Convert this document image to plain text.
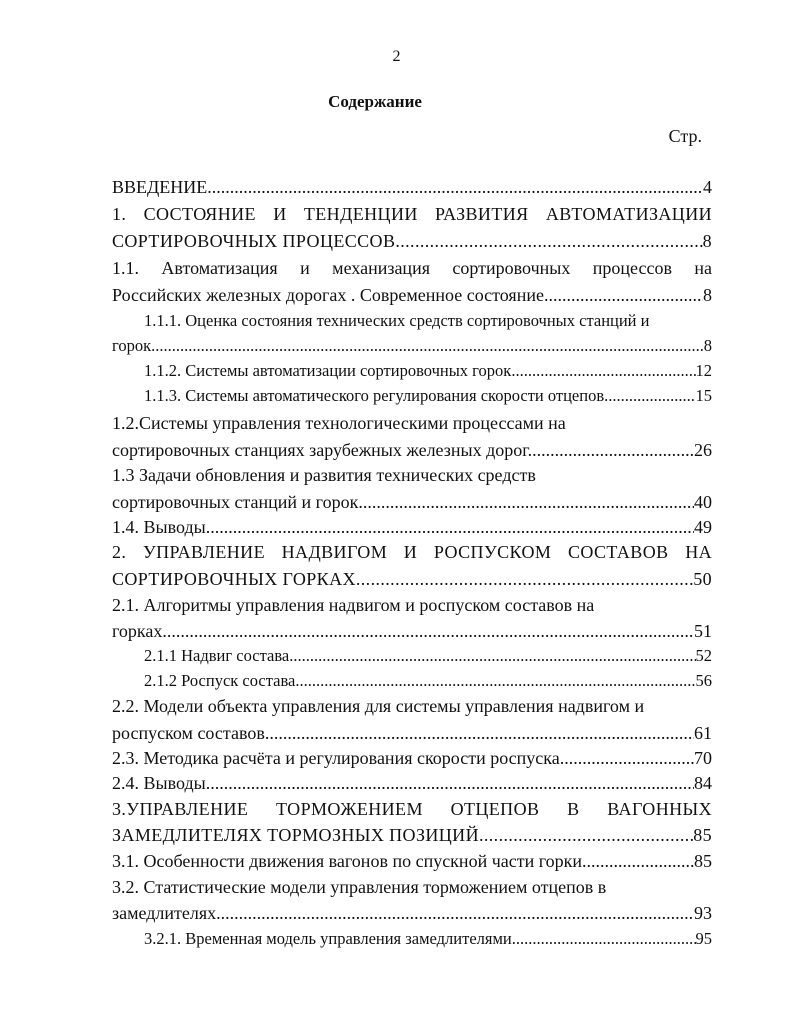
2
Содержание
Стр.
ВВЕДЕНИЕ .....	4
1. СОСТОЯНИЕ И ТЕНДЕНЦИИ РАЗВИТИЯ АВТОМАТИЗАЦИИ
СОРТИРОВОЧНЫХ ПРОЦЕССОВ .....	8
1.1. Автоматизация и механизация сортировочных процессов на
Российских железных дорогах . Современное состояние .....	8
1.1.1. Оценка состояния технических средств сортировочных станций и
горок .....	8
1.1.2. Системы автоматизации сортировочных горок .....	12
1.1.3. Системы автоматического регулирования скорости отцепов .....	15
1.2.Системы управления технологическими процессами на
сортировочных станциях зарубежных железных дорог. .....	26
1.3 Задачи обновления и развития технических средств
сортировочных станций и горок. .....	40
1.4. Выводы. .....	49
2. УПРАВЛЕНИЕ НАДВИГОМ И РОСПУСКОМ СОСТАВОВ НА
СОРТИРОВОЧНЫХ ГОРКАХ. .....	50
2.1. Алгоритмы управления надвигом и роспуском составов на
горках. .....	51
2.1.1 Надвиг состава .....	52
2.1.2 Роспуск состава .....	56
2.2. Модели объекта управления для системы управления надвигом и
роспуском составов. .....	61
2.3. Методика расчёта и регулирования скорости роспуска. .....	70
2.4. Выводы. .....	84
3.УПРАВЛЕНИЕ ТОРМОЖЕНИЕМ ОТЦЕПОВ В ВАГОННЫХ
ЗАМЕДЛИТЕЛЯХ ТОРМОЗНЫХ ПОЗИЦИЙ .....	85
3.1. Особенности движения вагонов по спускной части горки .....	85
3.2. Статистические модели управления торможением отцепов в
замедлителях. .....	93
3.2.1. Временная модель управления замедлителями .....	95
